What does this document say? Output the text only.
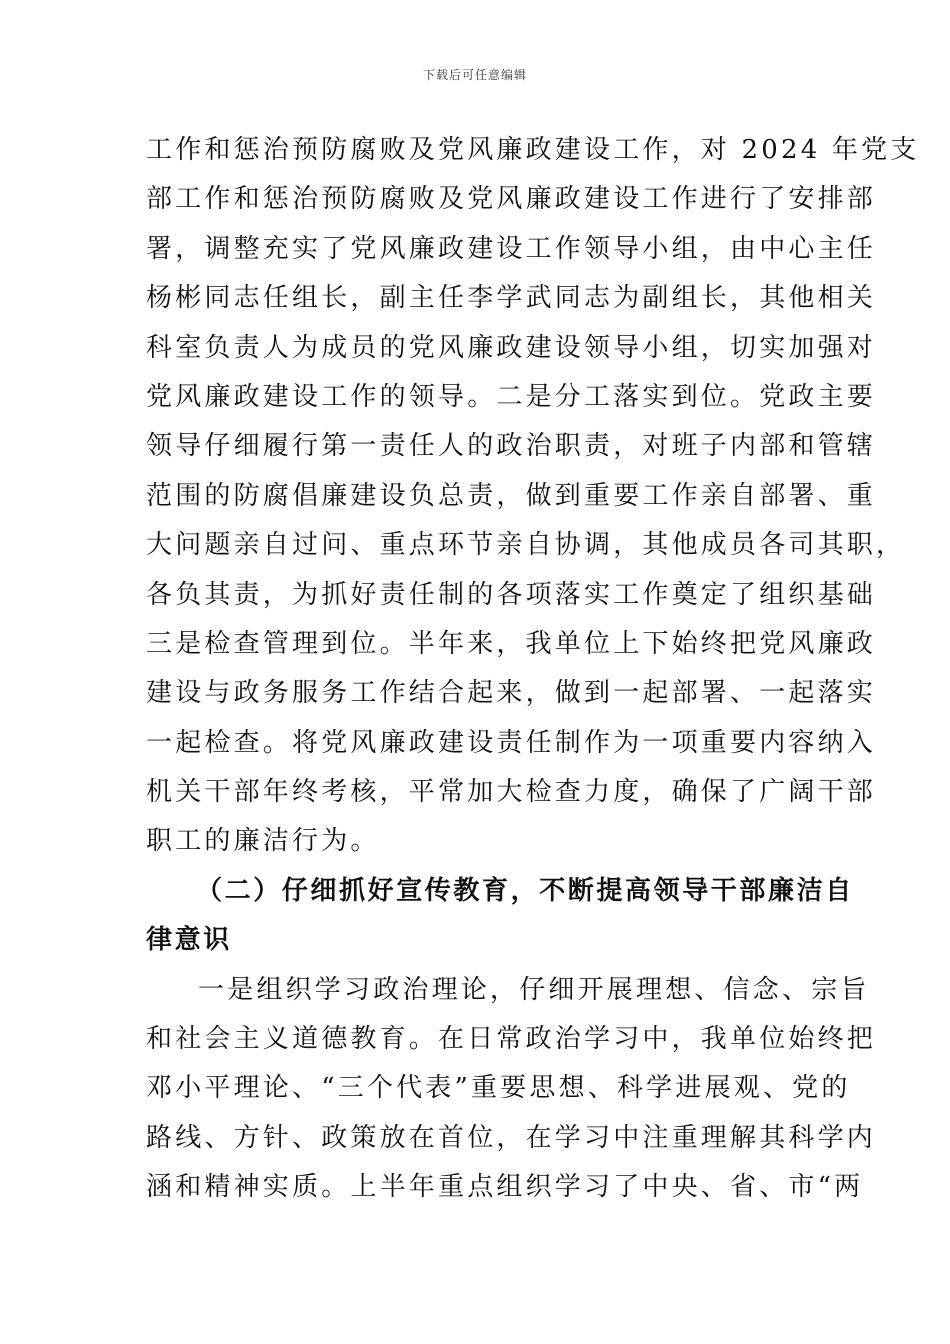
下载后可任意编辑
工作和惩治预防腐败及党风廉政建设工作，对 2024 年党支
部工作和惩治预防腐败及党风廉政建设工作进行了安排部
署，调整充实了党风廉政建设工作领导小组，由中心主任
杨彬同志任组长，副主任李学武同志为副组长，其他相关
科室负责人为成员的党风廉政建设领导小组，切实加强对
党风廉政建设工作的领导。二是分工落实到位。党政主要
领导仔细履行第一责任人的政治职责，对班子内部和管辖
范围的防腐倡廉建设负总责，做到重要工作亲自部署、重
大问题亲自过问、重点环节亲自协调，其他成员各司其职，
各负其责，为抓好责任制的各项落实工作奠定了组织基础
三是检查管理到位。半年来，我单位上下始终把党风廉政
建设与政务服务工作结合起来，做到一起部署、一起落实
一起检查。将党风廉政建设责任制作为一项重要内容纳入
机关干部年终考核，平常加大检查力度，确保了广阔干部
职工的廉洁行为。
（二）仔细抓好宣传教育，不断提高领导干部廉洁自
律意识
一是组织学习政治理论，仔细开展理想、信念、宗旨
和社会主义道德教育。在日常政治学习中，我单位始终把
邓小平理论、“三个代表”重要思想、科学进展观、党的
路线、方针、政策放在首位，在学习中注重理解其科学内
涵和精神实质。上半年重点组织学习了中央、省、市“两
